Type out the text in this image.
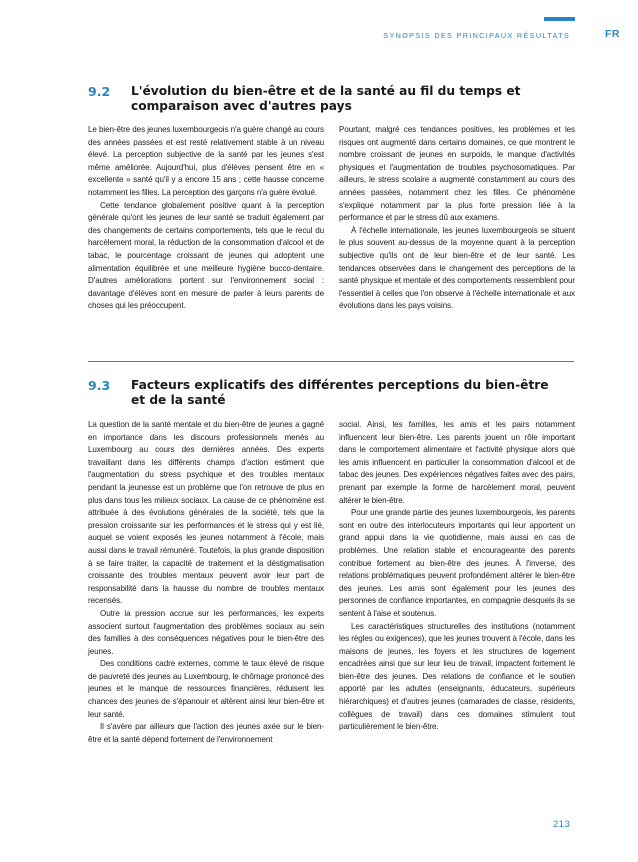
SYNOPSIS DES PRINCIPAUX RÉSULTATS	FR
9.2 L'évolution du bien-être et de la santé au fil du temps et comparaison avec d'autres pays

Le bien-être des jeunes luxembourgeois n'a guère changé au cours des années passées et est resté relativement stable à un niveau élevé. La perception subjective de la santé par les jeunes s'est même améliorée. Aujourd'hui, plus d'élèves pensent être en « excellente » santé qu'il y a encore 15 ans ; cette hausse concerne notamment les filles. La perception des garçons n'a guère évolué.

Cette tendance globalement positive quant à la perception générale qu'ont les jeunes de leur santé se traduit également par des changements de certains comportements, tels que le recul du harcèlement moral, la réduction de la consommation d'alcool et de tabac, le pourcentage croissant de jeunes qui adoptent une alimentation équilibrée et une meilleure hygiène bucco-dentaire. D'autres améliorations portent sur l'environnement social : davantage d'élèves sont en mesure de parler à leurs parents de choses qui les préoccupent.

Pourtant, malgré ces tendances positives, les problèmes et les risques ont augmenté dans certains domaines, ce que montrent le nombre croissant de jeunes en surpoids, le manque d'activités physiques et l'augmentation de troubles psychosomatiques. Par ailleurs, le stress scolaire a augmenté constamment au cours des années passées, notamment chez les filles. Ce phénomène s'explique notamment par la plus forte pression liée à la performance et par le stress dû aux examens.

À l'échelle internationale, les jeunes luxembourgeois se situent le plus souvent au-dessus de la moyenne quant à la perception subjective qu'ils ont de leur bien-être et de leur santé. Les tendances observées dans le changement des perceptions de la santé physique et mentale et des comportements ressemblent pour l'essentiel à celles que l'on observe à l'échelle internationale et aux évolutions dans les pays voisins.

9.3 Facteurs explicatifs des différentes perceptions du bien-être et de la santé

La question de la santé mentale et du bien-être de jeunes a gagné en importance dans les discours professionnels menés au Luxembourg au cours des dernières années. Des experts travaillant dans les différents champs d'action estiment que l'augmentation du stress psychique et des troubles mentaux pendant la jeunesse est un problème que l'on retrouve de plus en plus dans tous les milieux sociaux. La cause de ce phénomène est attribuée à des évolutions générales de la société, tels que la pression croissante sur les performances et le stress qui y est lié, auquel se voient exposés les jeunes notamment à l'école, mais aussi dans le travail rémunéré. Toutefois, la plus grande disposition à se faire traiter, la capacité de traitement et la déstigmatisation croissante des troubles mentaux peuvent avoir leur part de responsabilité dans la hausse du nombre de troubles mentaux recensés.

Outre la pression accrue sur les performances, les experts associent surtout l'augmentation des problèmes sociaux au sein des familles à des conséquences négatives pour le bien-être des jeunes.

Des conditions cadre externes, comme le taux élevé de risque de pauvreté des jeunes au Luxembourg, le chômage prononcé des jeunes et le manque de ressources financières, réduisent les chances des jeunes de s'épanouir et altèrent ainsi leur bien-être et leur santé.

Il s'avère par ailleurs que l'action des jeunes axée sur le bien-être et la santé dépend fortement de l'environnement

social. Ainsi, les familles, les amis et les pairs notamment influencent leur bien-être. Les parents jouent un rôle important dans le comportement alimentaire et l'activité physique alors que les amis influencent en particulier la consommation d'alcool et de tabac des jeunes. Des expériences négatives faites avec des pairs, prenant par exemple la forme de harcèlement moral, peuvent altérer le bien-être.

Pour une grande partie des jeunes luxembourgeois, les parents sont en outre des interlocuteurs importants qui leur apportent un grand appui dans la vie quotidienne, mais aussi en cas de problèmes. Une relation stable et encourageante des parents contribue fortement au bien-être des jeunes. À l'inverse, des relations problématiques peuvent profondément altérer le bien-être des jeunes. Les amis sont également pour les jeunes des personnes de confiance importantes, en compagnie desquels ils se sentent à l'aise et soutenus.

Les caractéristiques structurelles des institutions (notamment les règles ou exigences), que les jeunes trouvent à l'école, dans les maisons de jeunes, les foyers et les structures de logement encadrées ainsi que sur leur lieu de travail, impactent fortement le bien-être des jeunes. Des relations de confiance et le soutien apporté par les adultes (enseignants, éducateurs, supérieurs hiérarchiques) et d'autres jeunes (camarades de classe, résidents, collègues de travail) dans ces domaines stimulent tout particulièrement le bien-être.

213
